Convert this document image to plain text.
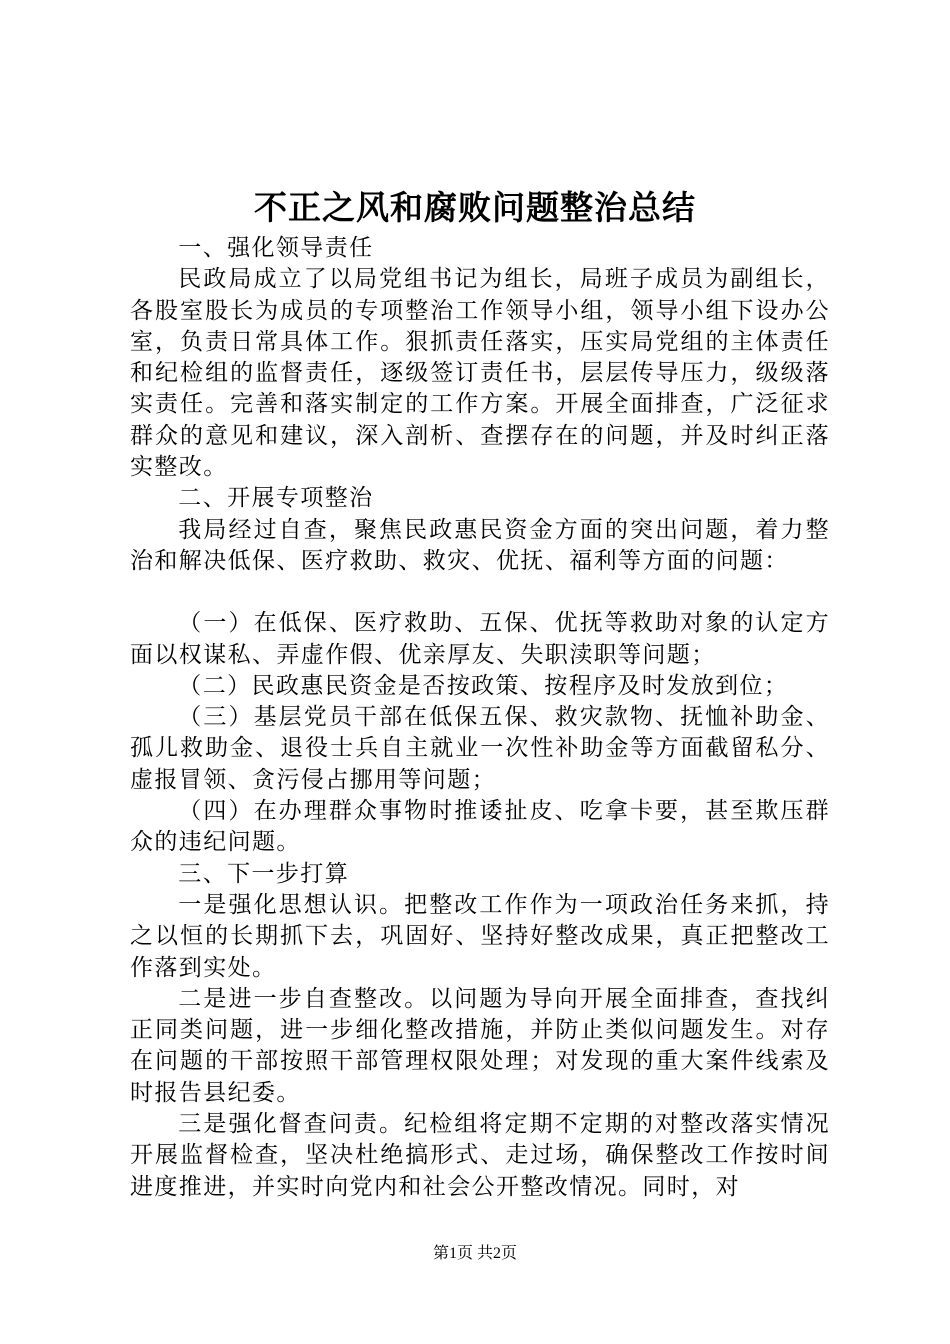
不正之风和腐败问题整治总结

一、强化领导责任

民政局成立了以局党组书记为组长，局班子成员为副组长，各股室股长为成员的专项整治工作领导小组，领导小组下设办公室，负责日常具体工作。狠抓责任落实，压实局党组的主体责任和纪检组的监督责任，逐级签订责任书，层层传导压力，级级落实责任。完善和落实制定的工作方案。开展全面排查，广泛征求群众的意见和建议，深入剖析、查摆存在的问题，并及时纠正落实整改。

二、开展专项整治

我局经过自查，聚焦民政惠民资金方面的突出问题，着力整治和解决低保、医疗救助、救灾、优抚、福利等方面的问题：

（一）在低保、医疗救助、五保、优抚等救助对象的认定方面以权谋私、弄虚作假、优亲厚友、失职渎职等问题；

（二）民政惠民资金是否按政策、按程序及时发放到位；

（三）基层党员干部在低保五保、救灾款物、抚恤补助金、孤儿救助金、退役士兵自主就业一次性补助金等方面截留私分、虚报冒领、贪污侵占挪用等问题；

（四）在办理群众事物时推诿扯皮、吃拿卡要，甚至欺压群众的违纪问题。

三、下一步打算

一是强化思想认识。把整改工作作为一项政治任务来抓，持之以恒的长期抓下去，巩固好、坚持好整改成果，真正把整改工作落到实处。

二是进一步自查整改。以问题为导向开展全面排查，查找纠正同类问题，进一步细化整改措施，并防止类似问题发生。对存在问题的干部按照干部管理权限处理；对发现的重大案件线索及时报告县纪委。

三是强化督查问责。纪检组将定期不定期的对整改落实情况开展监督检查，坚决杜绝搞形式、走过场，确保整改工作按时间进度推进，并实时向党内和社会公开整改情况。同时，对

第1页 共2页
